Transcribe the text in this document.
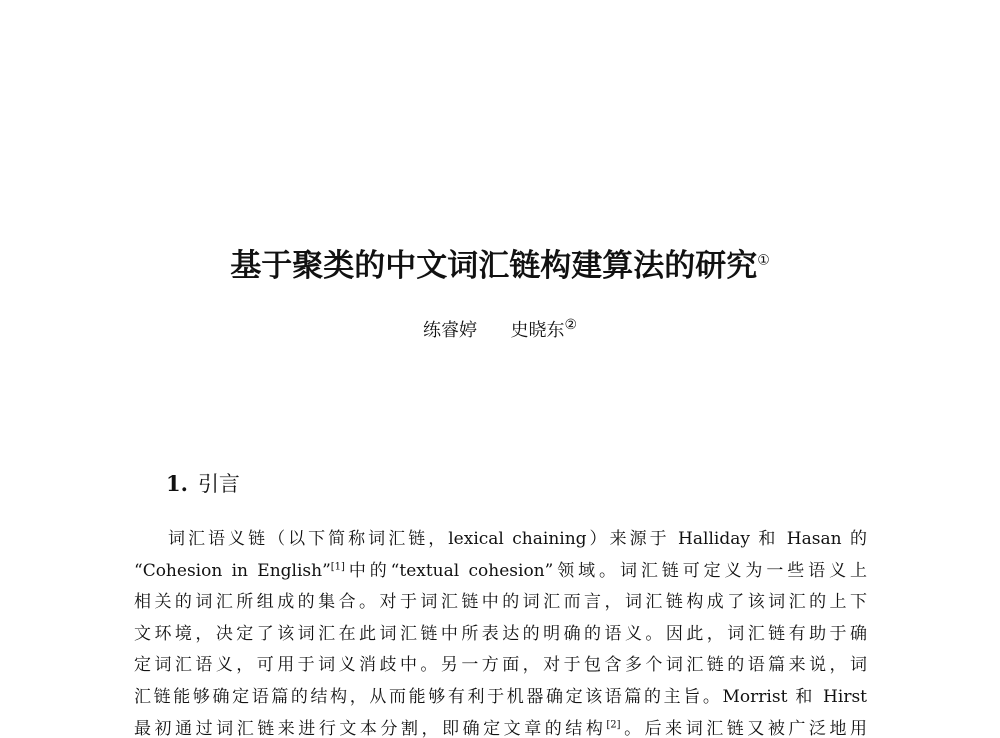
基于聚类的中文词汇链构建算法的研究①
练睿婷 史晓东②
1. 引言
词汇语义链（以下简称词汇链，lexical chaining）来源于 Halliday 和 Hasan 的
“Cohesion in English”[1]中的“textual cohesion”领域。词汇链可定义为一些语义上
相关的词汇所组成的集合。对于词汇链中的词汇而言，词汇链构成了该词汇的上下
文环境，决定了该词汇在此词汇链中所表达的明确的语义。因此，词汇链有助于确
定词汇语义，可用于词义消歧中。另一方面，对于包含多个词汇链的语篇来说，词
汇链能够确定语篇的结构，从而能够有利于机器确定该语篇的主旨。Morrist 和 Hirst
最初通过词汇链来进行文本分割，即确定文章的结构[2]。后来词汇链又被广泛地用
